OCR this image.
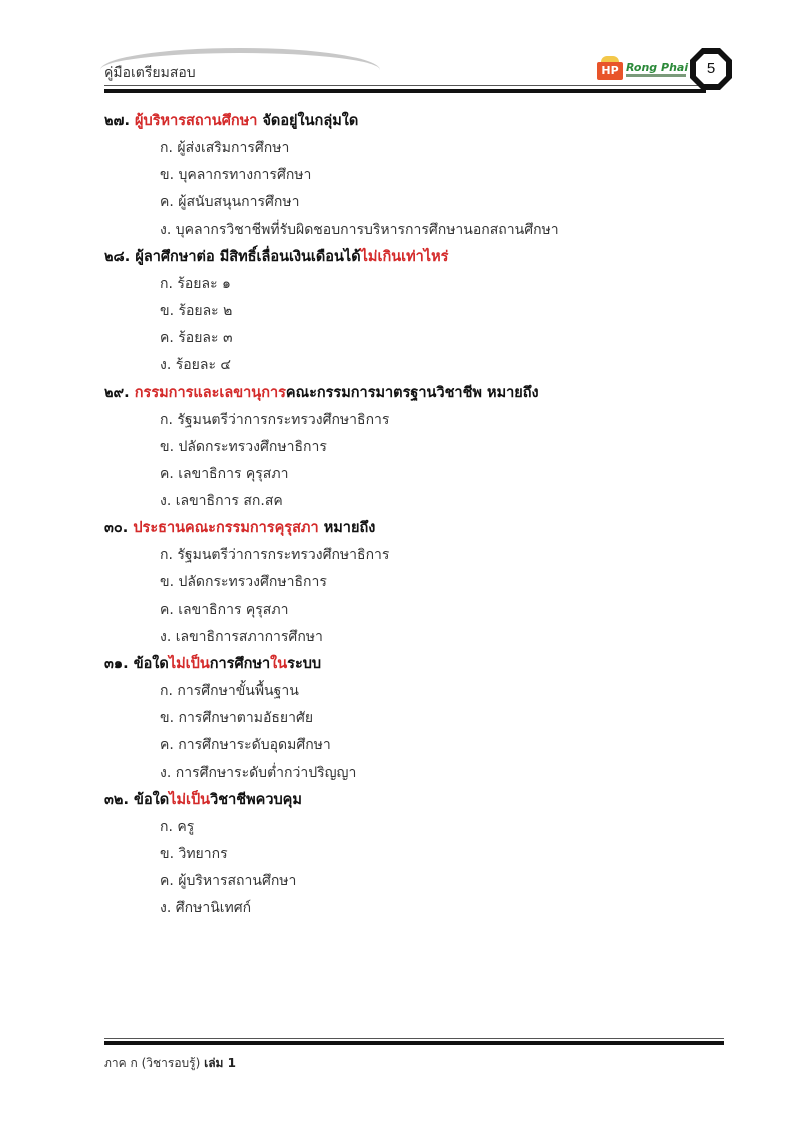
คู่มือเตรียมสอบ	HP Rong Phai	5
๒๗. ผู้บริหารสถานศึกษา จัดอยู่ในกลุ่มใด
ก. ผู้ส่งเสริมการศึกษา
ข. บุคลากรทางการศึกษา
ค. ผู้สนับสนุนการศึกษา
ง. บุคลากรวิชาชีพที่รับผิดชอบการบริหารการศึกษานอกสถานศึกษา
๒๘. ผู้ลาศึกษาต่อ มีสิทธิ์เลื่อนเงินเดือนได้ไม่เกินเท่าไหร่
ก. ร้อยละ ๑
ข. ร้อยละ ๒
ค. ร้อยละ ๓
ง. ร้อยละ ๔
๒๙. กรรมการและเลขานุการคณะกรรมการมาตรฐานวิชาชีพ หมายถึง
ก. รัฐมนตรีว่าการกระทรวงศึกษาธิการ
ข. ปลัดกระทรวงศึกษาธิการ
ค. เลขาธิการ คุรุสภา
ง. เลขาธิการ สก.สค
๓๐. ประธานคณะกรรมการคุรุสภา หมายถึง
ก. รัฐมนตรีว่าการกระทรวงศึกษาธิการ
ข. ปลัดกระทรวงศึกษาธิการ
ค. เลขาธิการ คุรุสภา
ง. เลขาธิการสภาการศึกษา
๓๑. ข้อใดไม่เป็นการศึกษาในระบบ
ก. การศึกษาขั้นพื้นฐาน
ข. การศึกษาตามอัธยาศัย
ค. การศึกษาระดับอุดมศึกษา
ง. การศึกษาระดับต่ำกว่าปริญญา
๓๒. ข้อใดไม่เป็นวิชาชีพควบคุม
ก. ครู
ข. วิทยากร
ค. ผู้บริหารสถานศึกษา
ง. ศึกษานิเทศก์
ภาค ก (วิชารอบรู้) เล่ม 1
